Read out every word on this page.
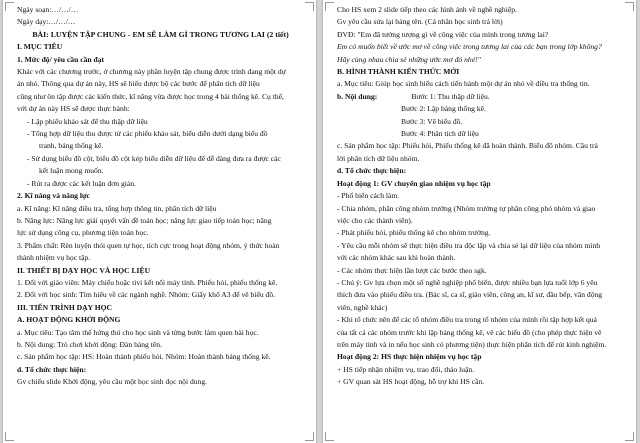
Ngày soạn:…/…/…
Ngày dạy:…/…/…
BÀI: LUYỆN TẬP CHUNG - EM SẼ LÀM GÌ TRONG TƯƠNG LAI (2 tiết)
I. MỤC TIÊU
1. Mức độ/ yêu cầu cần đạt
Khác với các chương trước, ở chương này phần luyện tập chung được trình đang một dự
án nhỏ. Thông qua dự án này, HS sẽ hiểu được bộ các bước để phân tích dữ liệu
cũng như ôn tập được các kiến thức, kĩ năng vừa được học trong 4 bài thống kê. Cụ thể,
với dự án này HS sẽ được thực hành:
- Lập phiếu khảo sát để thu thập dữ liệu
- Tổng hợp dữ liệu thu được từ các phiếu khảo sát, biểu diễn dưới dạng biểu đồ
tranh, bảng thống kê.
- Sử dụng biểu đồ cột, biểu đồ cột kép biểu diễn dữ liệu để dễ dàng đưa ra được các
kết luận mong muốn.
- Rút ra được các kết luận đơn giản.
2. Kĩ năng và năng lực
a. Kĩ năng: Kĩ năng điều tra, tổng hợp thông tin, phân tích dữ liệu
b. Năng lực: Năng lực giải quyết vấn đề toán học; năng lực giao tiếp toán học; năng
lực sử dụng công cụ, phương tiện toán học.
3. Phẩm chất: Rèn luyện thói quen tự học, tích cực trong hoạt động nhóm, ý thức hoàn
thành nhiệm vụ học tập.
II. THIẾT BỊ DẠY HỌC VÀ HỌC LIỆU
1. Đối với giáo viên: Máy chiếu hoặc tivi kết nối máy tính. Phiếu hỏi, phiếu thống kê.
2. Đối với học sinh: Tìm hiểu về các ngành nghề. Nhóm: Giấy khổ A3 để vẽ biểu đồ.
III. TIẾN TRÌNH DẠY HỌC
A. HOẠT ĐỘNG KHỞI ĐỘNG
a. Mục tiêu: Tạo tâm thế hứng thú cho học sinh và từng bước làm quen bài học.
b. Nội dung: Trò chơi khởi động: Đàn bảng tên.
c. Sản phẩm học tập: HS: Hoàn thành phiếu hỏi. Nhóm: Hoàn thành bảng thống kê.
d. Tổ chức thực hiện:
Gv chiếu slide Khởi động, yêu cầu một học sinh đọc nội dung.
Cho HS xem 2 slide tiếp theo các hình ảnh về nghề nghiệp.
Gv yêu cầu sửa lại bảng tên. (Cá nhân học sinh trả lời)
ĐVĐ: "Em đã tưởng tượng gì về công việc của mình trong tương lai?
Em có muốn biết về ước mơ về công việc trong tương lai của các bạn trong lớp không?
Hãy cùng nhau chia sẻ những ước mơ đó nhé!"
B. HÌNH THÀNH KIẾN THỨC MỚI
a. Mục tiêu: Giúp học sinh hiểu cách tiến hành một dự án nhỏ về điều tra thống tin.
b. Nội dung:	Bước 1: Thu thập dữ liệu.
Bước 2: Lập bảng thống kê.
Bước 3: Vẽ biểu đồ.
Bước 4: Phân tích dữ liệu
c. Sản phẩm học tập: Phiếu hỏi, Phiếu thống kê đã hoàn thành. Biểu đồ nhóm. Câu trả
lời phân tích dữ liệu nhóm.
d. Tổ chức thực hiện:
Hoạt động 1: GV chuyển giao nhiệm vụ học tập
- Phổ biến cách làm.
- Chia nhóm, phân công nhóm trưởng (Nhóm trưởng tự phân công phó nhóm và giao
việc cho các thành viên).
- Phát phiếu hỏi, phiếu thống kê cho nhóm trưởng.
- Yêu cầu mỗi nhóm sẽ thực hiện điều tra độc lập và chia sẻ lại dữ liệu của nhóm mình
với các nhóm khác sau khi hoàn thành.
- Các nhóm thực hiện lần lượt các bước theo sgk.
- Chú ý: Gv lựa chọn một số nghề nghiệp phổ biến, được nhiều bạn lựa tuổi lớp 6 yêu
thích đưa vào phiếu điều tra. (Bác sĩ, ca sĩ, giáo viên, công an, kĩ sư, đầu bếp, văn động
viên, nghề khác)
- Khi tổ chức nên để các tổ nhóm điều tra trong tổ nhóm của mình rồi tập hợp kết quả
của tất cả các nhóm trước khi lập bảng thống kê, vẽ các biểu đồ (cho phép thực hiện vẽ
trên máy tính và in nếu học sinh có phương tiện) thực hiện phân tích để rút kinh nghiệm.
Hoạt động 2: HS thực hiện nhiệm vụ học tập
+ HS tiếp nhận nhiệm vụ, trao đổi, thảo luận.
+ GV quan sát HS hoạt động, hỗ trợ khi HS cần.
